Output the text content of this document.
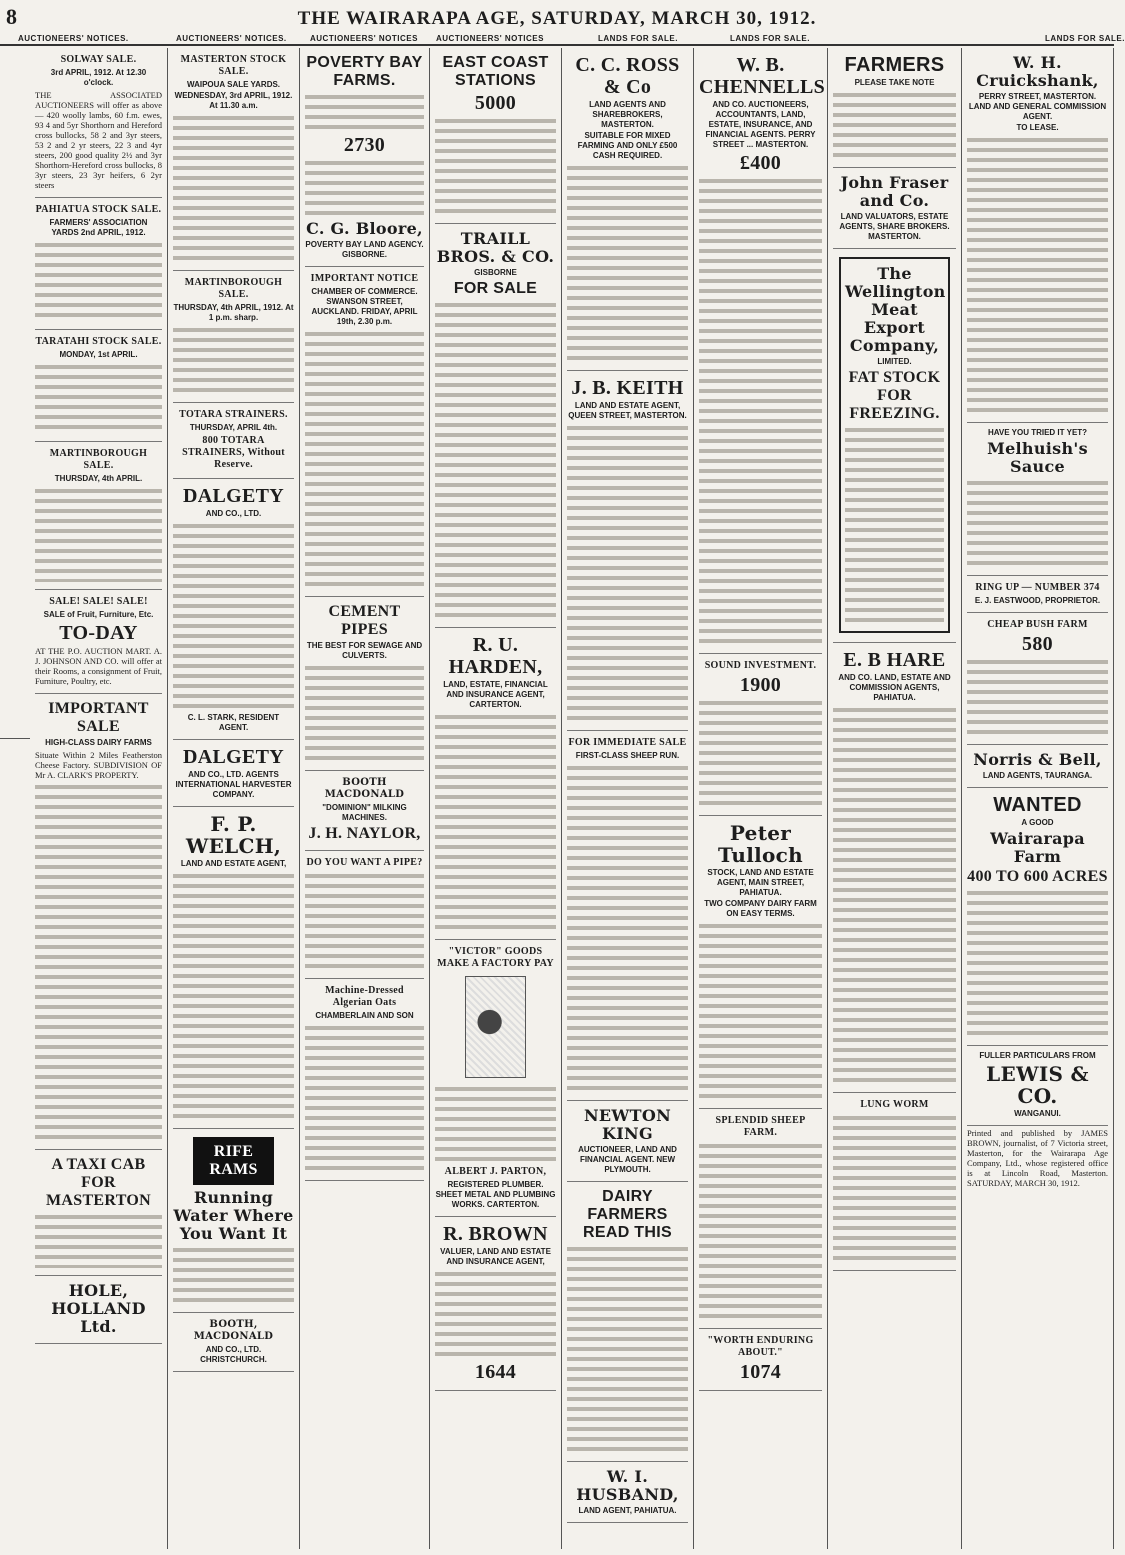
8	THE WAIRARAPA AGE, SATURDAY, MARCH 30, 1912.
AUCTIONEERS' NOTICES.	AUCTIONEERS' NOTICES.	AUCTIONEERS' NOTICES AUCTIONEERS' NOTICES	LANDS FOR SALE.	LANDS FOR SALE.	LANDS FOR SALE.
SOLWAY SALE.
3rd APRIL, 1912. At 12.30 o'clock.
THE ASSOCIATED AUCTIONEERS will offer as above— 420 woolly lambs, 60 f.m. ewes, 93 4 and 5yr Shorthorn and Hereford cross bullocks, 58 2 and 3yr steers, 53 2 and 2 yr steers, 22 3 and 4yr steers, 200 good quality 2½ and 3yr Shorthorn-Hereford cross bullocks, 8 3yr steers, 23 3yr heifers, 6 2yr steers
PAHIATUA STOCK SALE.
FARMERS' ASSOCIATION YARDS 2nd APRIL, 1912.
TARATAHI STOCK SALE.
MONDAY, 1st APRIL.
MARTINBOROUGH SALE.
THURSDAY, 4th APRIL.
SALE! SALE! SALE!
SALE of Fruit, Furniture, Etc.
TO-DAY
AT THE P.O. AUCTION MART. A. J. JOHNSON AND CO. will offer at their Rooms, a consignment of Fruit, Furniture, Poultry, etc.
IMPORTANT SALE
HIGH-CLASS DAIRY FARMS
Situate Within 2 Miles Featherston Cheese Factory. SUBDIVISION OF Mr A. CLARK'S PROPERTY.
A TAXI CAB FOR MASTERTON
HOLE, HOLLAND Ltd.
MASTERTON STOCK SALE.
WAIPOUA SALE YARDS.
WEDNESDAY, 3rd APRIL, 1912. At 11.30 a.m.
MARTINBOROUGH SALE.
THURSDAY, 4th APRIL, 1912. At 1 p.m. sharp.
TOTARA STRAINERS.
THURSDAY, APRIL 4th.
800 TOTARA STRAINERS, Without Reserve.
DALGETY
AND CO., LTD.
C. L. STARK, RESIDENT AGENT.
DALGETY
AND CO., LTD. AGENTS INTERNATIONAL HARVESTER COMPANY.
F. P. WELCH,
LAND AND ESTATE AGENT,
RIFE RAMS
Running Water Where You Want It
BOOTH, MACDONALD
AND CO., LTD. CHRISTCHURCH.
POVERTY BAY FARMS.
2730
C. G. Bloore,
POVERTY BAY LAND AGENCY. GISBORNE.
IMPORTANT NOTICE
CHAMBER OF COMMERCE. SWANSON STREET, AUCKLAND. FRIDAY, APRIL 19th, 2.30 p.m.
CEMENT PIPES
THE BEST FOR SEWAGE AND CULVERTS.
BOOTH MACDONALD
"DOMINION" MILKING MACHINES.
J. H. NAYLOR,
DO YOU WANT A PIPE?
Machine-Dressed Algerian Oats
CHAMBERLAIN AND SON
EAST COAST STATIONS
5000
TRAILL BROS. & CO.
GISBORNE
FOR SALE
R. U. HARDEN,
LAND, ESTATE, FINANCIAL AND INSURANCE AGENT, CARTERTON.
"VICTOR" GOODS MAKE A FACTORY PAY
ALBERT J. PARTON,
REGISTERED PLUMBER. SHEET METAL AND PLUMBING WORKS. CARTERTON.
R. BROWN
VALUER, LAND AND ESTATE AND INSURANCE AGENT,
1644
C. C. ROSS & Co
LAND AGENTS AND SHAREBROKERS, MASTERTON.
SUITABLE FOR MIXED FARMING AND ONLY £500 CASH REQUIRED.
J. B. KEITH
LAND AND ESTATE AGENT, QUEEN STREET, MASTERTON.
FOR IMMEDIATE SALE
FIRST-CLASS SHEEP RUN.
NEWTON KING
AUCTIONEER, LAND AND FINANCIAL AGENT. NEW PLYMOUTH.
DAIRY FARMERS READ THIS
W. I. HUSBAND,
LAND AGENT, PAHIATUA.
W. B. CHENNELLS
AND CO. AUCTIONEERS, ACCOUNTANTS, LAND, ESTATE, INSURANCE, AND FINANCIAL AGENTS. PERRY STREET ... MASTERTON.
£400
SOUND INVESTMENT.
1900
Peter Tulloch
STOCK, LAND AND ESTATE AGENT, MAIN STREET, PAHIATUA.
TWO COMPANY DAIRY FARM ON EASY TERMS.
SPLENDID SHEEP FARM.
"WORTH ENDURING ABOUT."
1074
FARMERS
PLEASE TAKE NOTE
John Fraser and Co.
LAND VALUATORS, ESTATE AGENTS, SHARE BROKERS. MASTERTON.
The Wellington Meat Export Company,
LIMITED.
FAT STOCK FOR FREEZING.
E. B HARE
AND CO. LAND, ESTATE AND COMMISSION AGENTS, PAHIATUA.
LUNG WORM
W. H. Cruickshank,
PERRY STREET, MASTERTON. LAND AND GENERAL COMMISSION AGENT.
TO LEASE.
HAVE YOU TRIED IT YET?
Melhuish's Sauce
RING UP — NUMBER 374
E. J. EASTWOOD, PROPRIETOR.
CHEAP BUSH FARM
580
Norris & Bell,
LAND AGENTS, TAURANGA.
WANTED
A GOOD
Wairarapa Farm
400 TO 600 ACRES
FULLER PARTICULARS FROM
LEWIS & CO.
WANGANUI.
Printed and published by JAMES BROWN, journalist, of 7 Victoria street, Masterton, for the Wairarapa Age Company, Ltd., whose registered office is at Lincoln Road, Masterton. SATURDAY, MARCH 30, 1912.
